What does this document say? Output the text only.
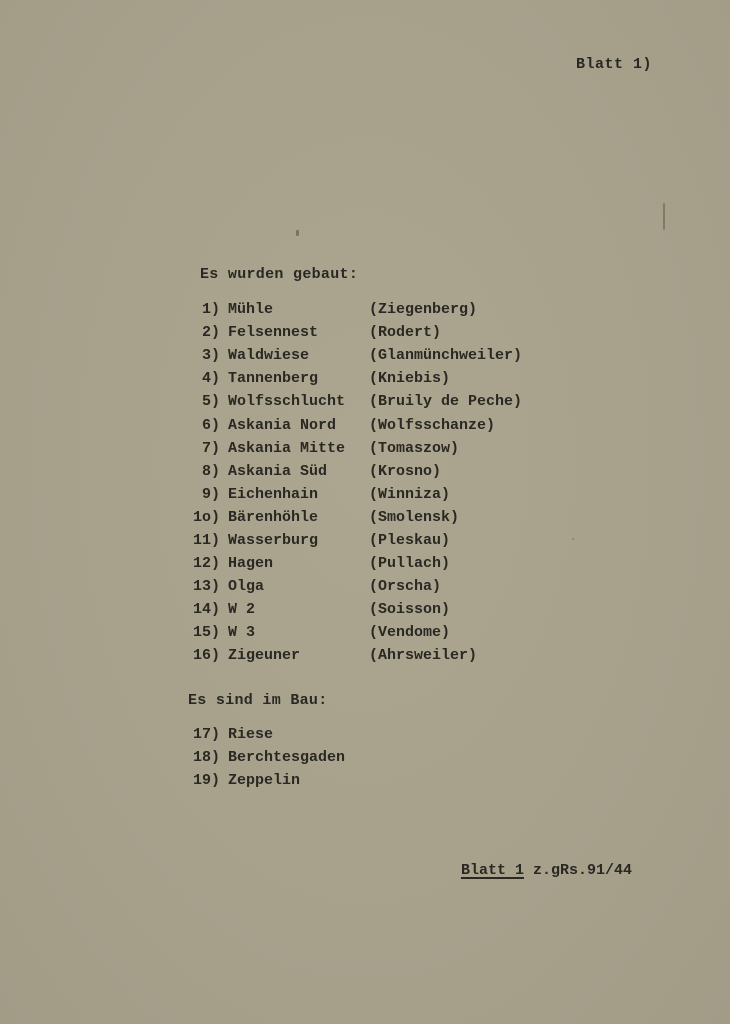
Blatt 1)
Es wurden gebaut:
1) Mühle	(Ziegenberg)
2) Felsennest	(Rodert)
3) Waldwiese	(Glanmünchweiler)
4) Tannenberg	(Kniebis)
5) Wolfsschlucht	(Bruily de Peche)
6) Askania Nord	(Wolfsschanze)
7) Askania Mitte	(Tomaszow)
8) Askania Süd	(Krosno)
9) Eichenhain	(Winniza)
1o) Bärenhöhle	(Smolensk)
11) Wasserburg	(Pleskau)
12) Hagen	(Pullach)
13) Olga	(Orscha)
14) W 2	(Soisson)
15) W 3	(Vendome)
16) Zigeuner	(Ahrsweiler)
Es sind im Bau:
17) Riese
18) Berchtesgaden
19) Zeppelin
Blatt 1 z.gRs.91/44
